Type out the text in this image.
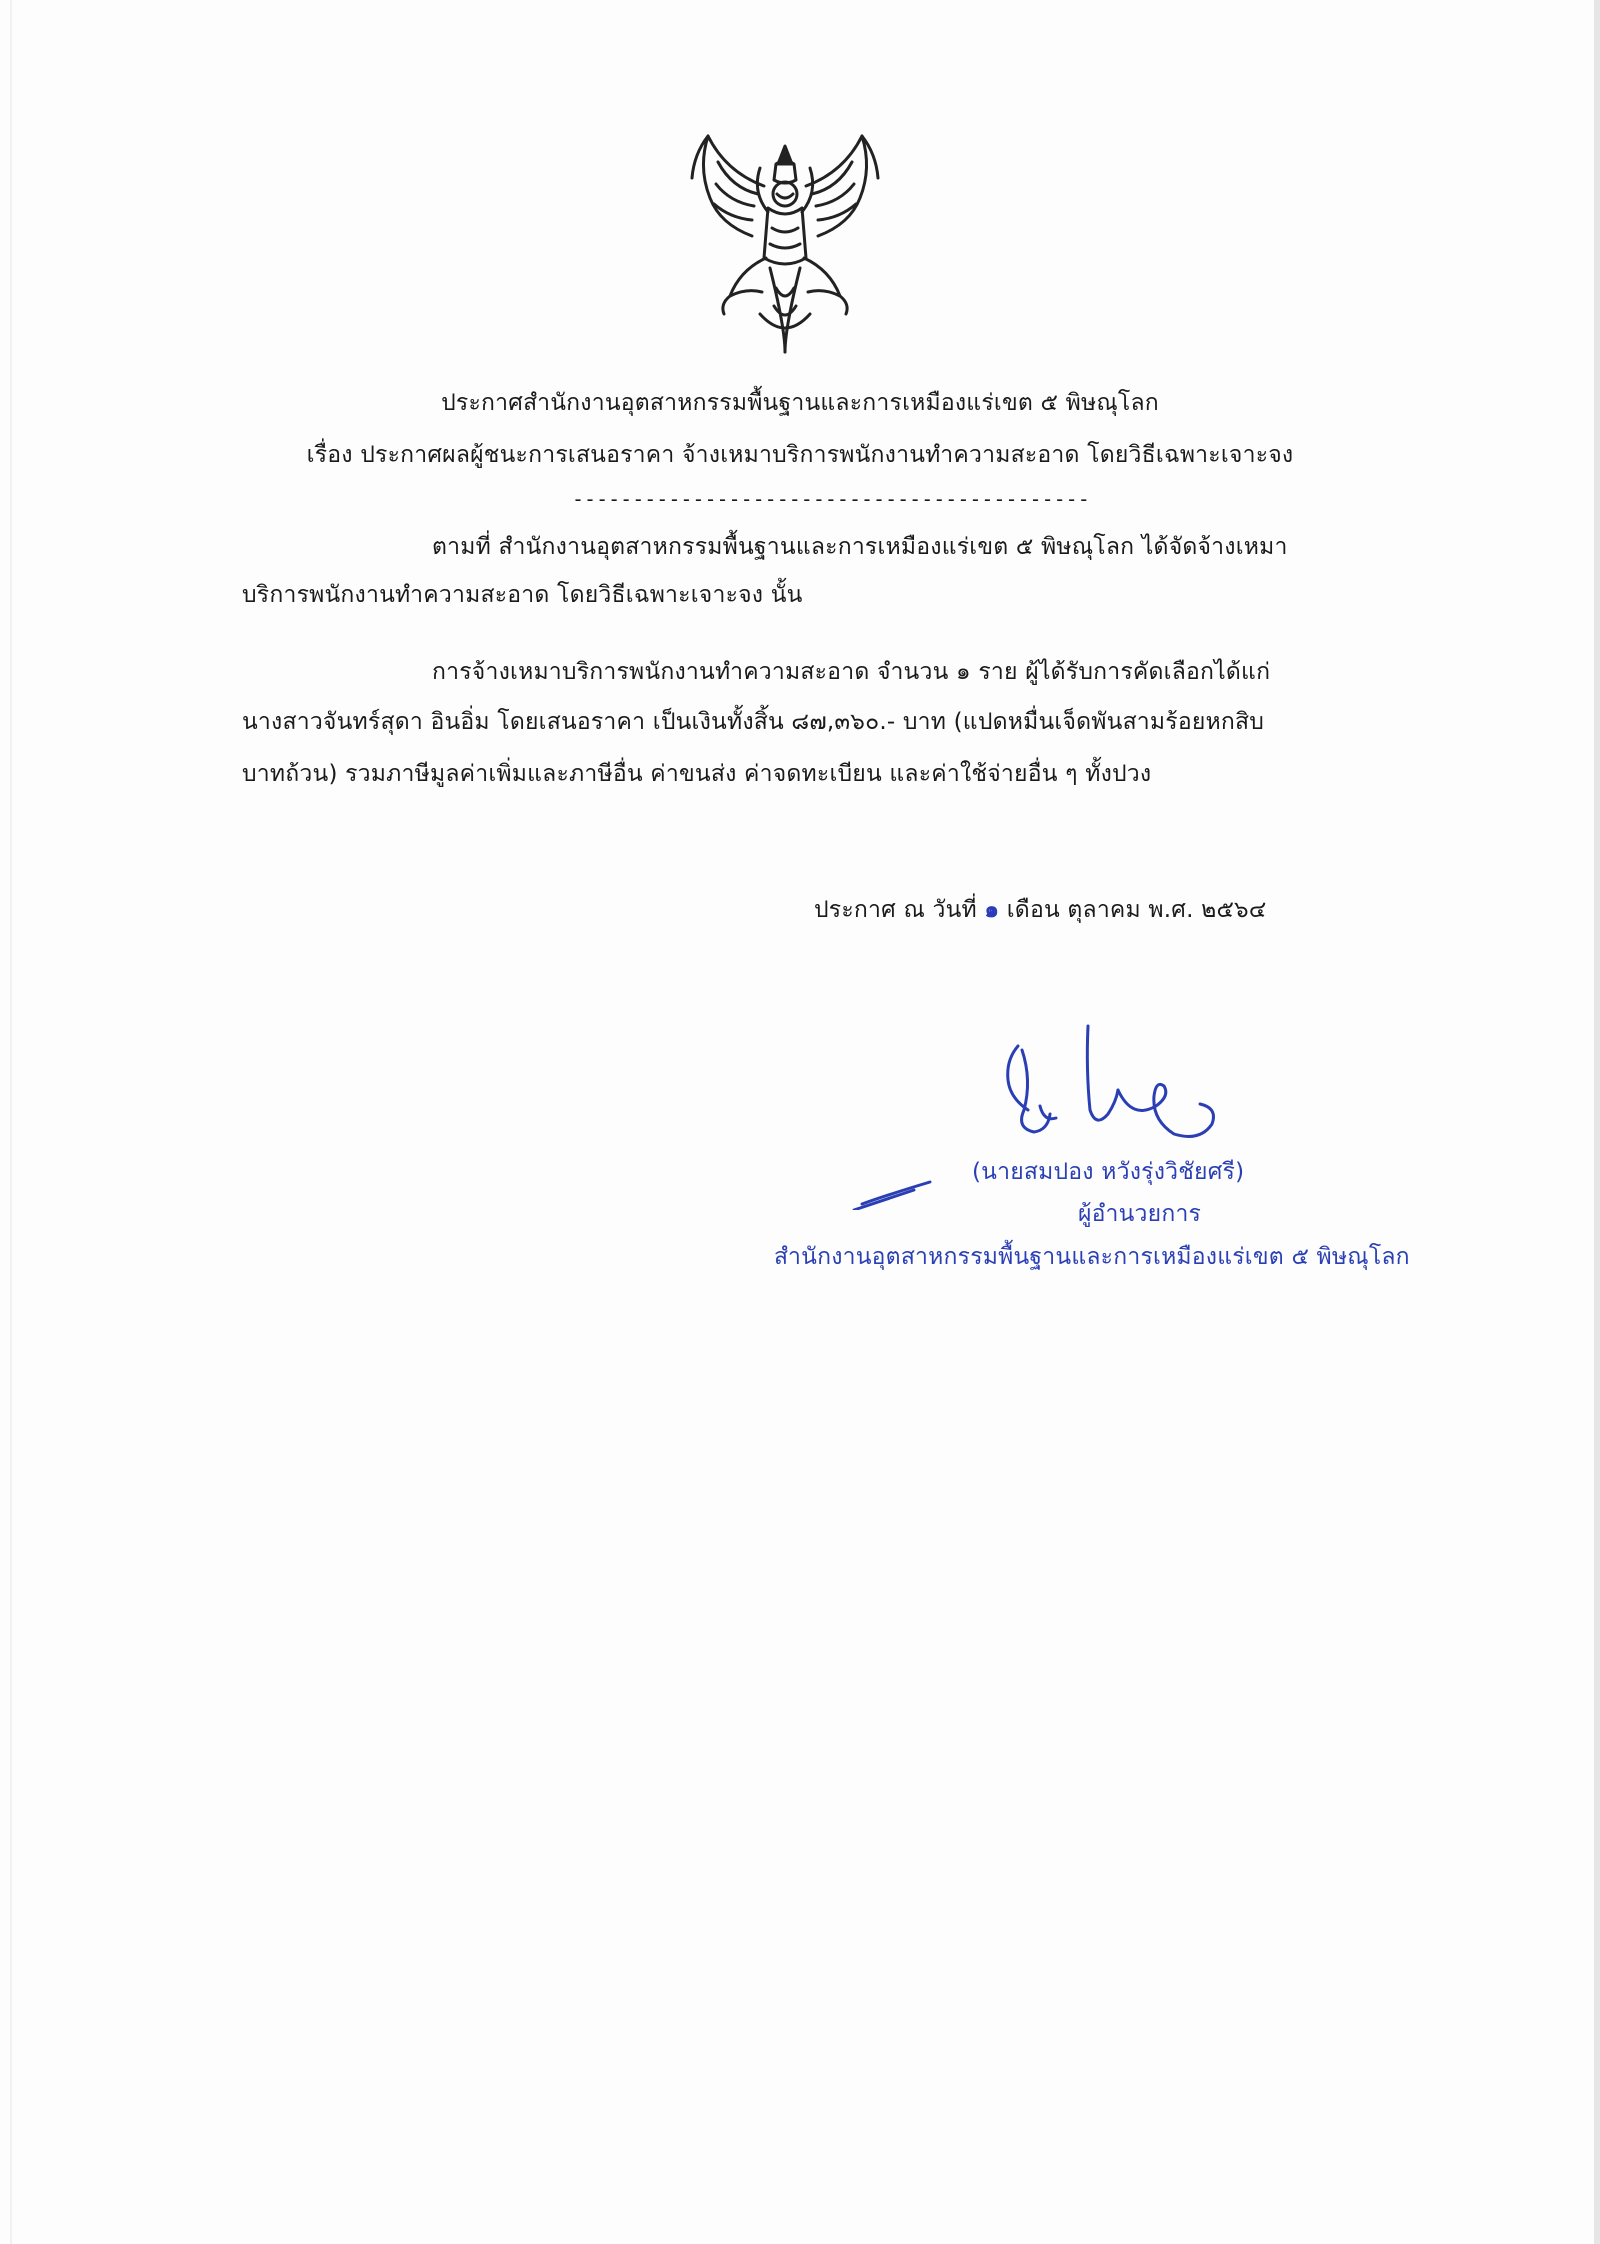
ประกาศสำนักงานอุตสาหกรรมพื้นฐานและการเหมืองแร่เขต ๕ พิษณุโลก
เรื่อง ประกาศผลผู้ชนะการเสนอราคา จ้างเหมาบริการพนักงานทำความสะอาด โดยวิธีเฉพาะเจาะจง
-------------------------------------------
ตามที่ สำนักงานอุตสาหกรรมพื้นฐานและการเหมืองแร่เขต ๕ พิษณุโลก ได้จัดจ้างเหมา
บริการพนักงานทำความสะอาด โดยวิธีเฉพาะเจาะจง นั้น
การจ้างเหมาบริการพนักงานทำความสะอาด จำนวน ๑ ราย ผู้ได้รับการคัดเลือกได้แก่
นางสาวจันทร์สุดา อินอิ่ม โดยเสนอราคา เป็นเงินทั้งสิ้น ๘๗,๓๖๐.- บาท (แปดหมื่นเจ็ดพันสามร้อยหกสิบ
บาทถ้วน) รวมภาษีมูลค่าเพิ่มและภาษีอื่น ค่าขนส่ง ค่าจดทะเบียน และค่าใช้จ่ายอื่น ๆ ทั้งปวง
ประกาศ ณ วันที่ ๑ เดือน ตุลาคม พ.ศ. ๒๕๖๔
(นายสมปอง หวังรุ่งวิชัยศรี)
ผู้อำนวยการ
สำนักงานอุตสาหกรรมพื้นฐานและการเหมืองแร่เขต ๕ พิษณุโลก
